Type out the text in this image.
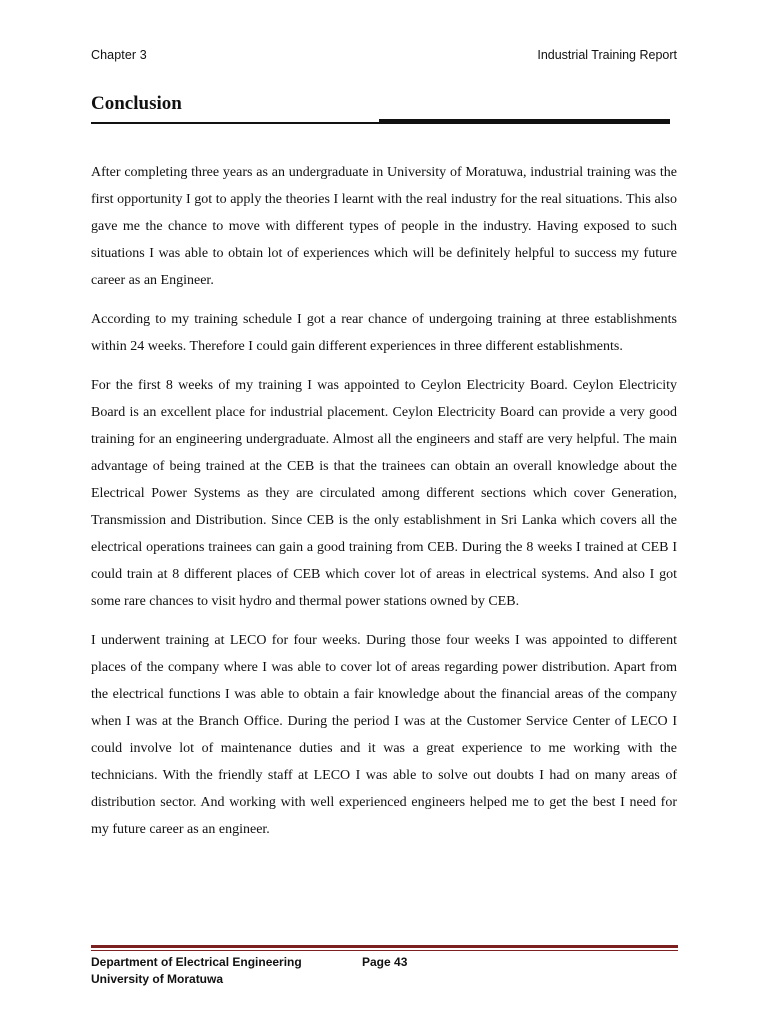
Chapter 3	Industrial Training Report
Conclusion

After completing three years as an undergraduate in University of Moratuwa, industrial training was the first opportunity I got to apply the theories I learnt with the real industry for the real situations. This also gave me the chance to move with different types of people in the industry. Having exposed to such situations I was able to obtain lot of experiences which will be definitely helpful to success my future career as an Engineer.

According to my training schedule I got a rear chance of undergoing training at three establishments within 24 weeks. Therefore I could gain different experiences in three different establishments.

For the first 8 weeks of my training I was appointed to Ceylon Electricity Board. Ceylon Electricity Board is an excellent place for industrial placement. Ceylon Electricity Board can provide a very good training for an engineering undergraduate. Almost all the engineers and staff are very helpful. The main advantage of being trained at the CEB is that the trainees can obtain an overall knowledge about the Electrical Power Systems as they are circulated among different sections which cover Generation, Transmission and Distribution. Since CEB is the only establishment in Sri Lanka which covers all the electrical operations trainees can gain a good training from CEB. During the 8 weeks I trained at CEB I could train at 8 different places of CEB which cover lot of areas in electrical systems. And also I got some rare chances to visit hydro and thermal power stations owned by CEB.

I underwent training at LECO for four weeks. During those four weeks I was appointed to different places of the company where I was able to cover lot of areas regarding power distribution. Apart from the electrical functions I was able to obtain a fair knowledge about the financial areas of the company when I was at the Branch Office. During the period I was at the Customer Service Center of LECO I could involve lot of maintenance duties and it was a great experience to me working with the technicians. With the friendly staff at LECO I was able to solve out doubts I had on many areas of distribution sector. And working with well experienced engineers helped me to get the best I need for my future career as an engineer.

Department of Electrical Engineering	Page 43
University of Moratuwa
